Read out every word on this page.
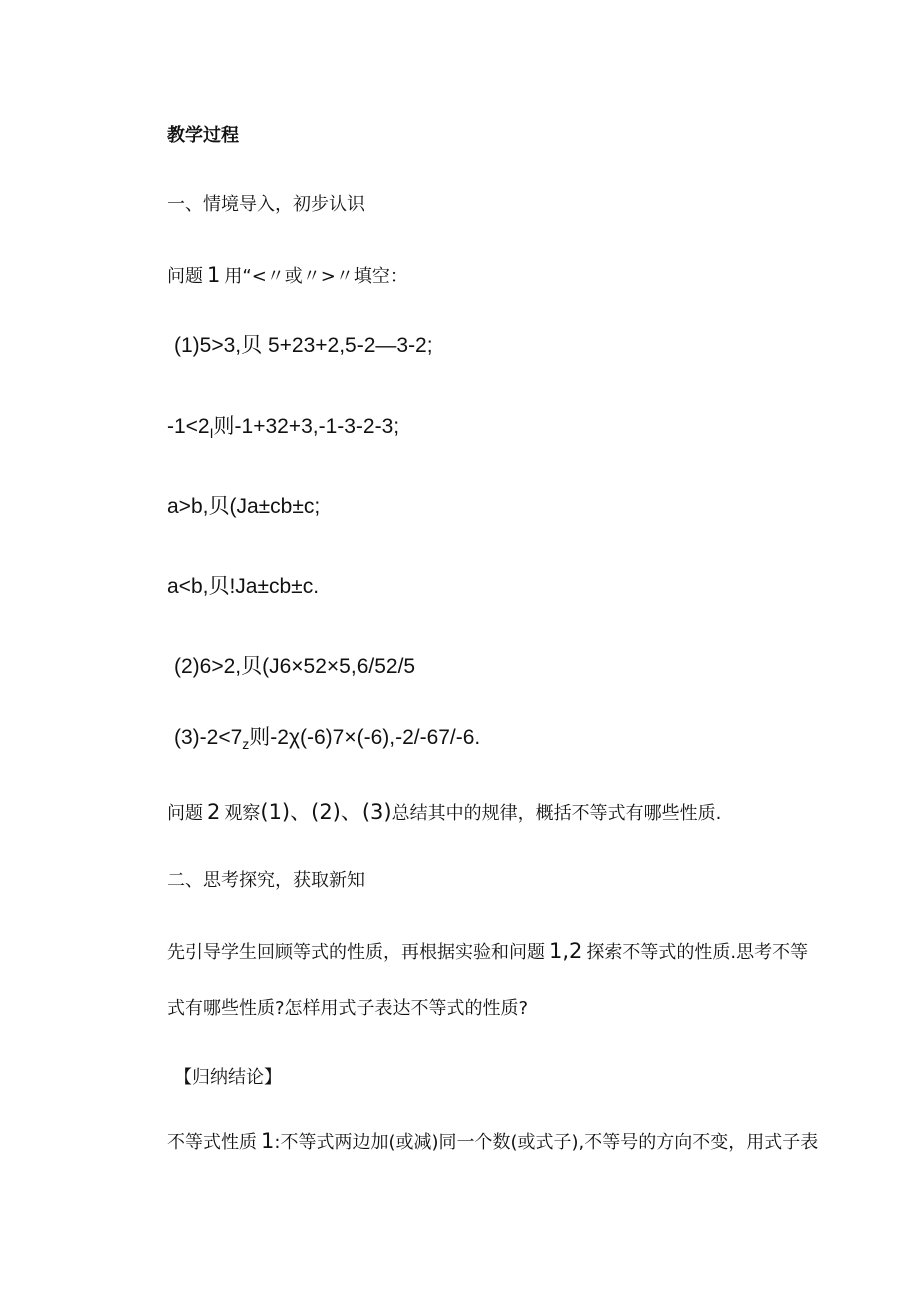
教学过程
一、情境导入，初步认识
问题 1 用“<〃或〃>〃填空：
(1)5>3,贝 5+23+2,5-2—3-2;
$-1<2_I$则-1+32+3,-1-3-2-3;
a>b,贝(Ja±cb±c;
a<b,贝!Ja±cb±c.
(2)6>2,贝(J6×52×5,6/52/5
$(3)-2<7_z$则-2χ(-6)7×(-6),-2/-67/-6.
问题 2 观察(1)、(2)、(3)总结其中的规律，概括不等式有哪些性质.
二、思考探究，获取新知
先引导学生回顾等式的性质，再根据实验和问题 1,2 探索不等式的性质.思考不等
式有哪些性质?怎样用式子表达不等式的性质?
【归纳结论】
不等式性质 1:不等式两边加(或减)同一个数(或式子),不等号的方向不变，用式子表
